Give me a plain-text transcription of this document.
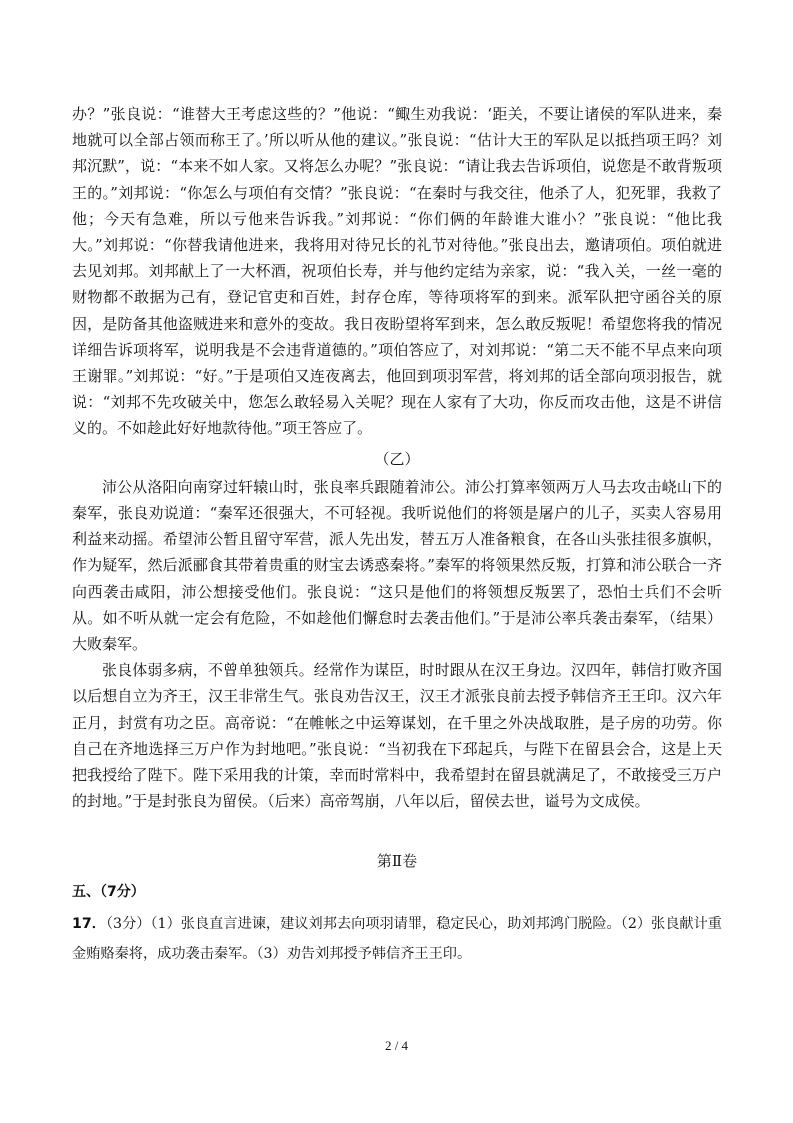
办？”张良说：“谁替大王考虑这些的？”他说：“鲰生劝我说：‘距关，不要让诸侯的军队进来，秦地就可以全部占领而称王了。’所以听从他的建议。”张良说：“估计大王的军队足以抵挡项王吗？刘邦沉默”，说：“本来不如人家。又将怎么办呢？”张良说：“请让我去告诉项伯，说您是不敢背叛项王的。”刘邦说：“你怎么与项伯有交情？”张良说：“在秦时与我交往，他杀了人，犯死罪，我救了他；今天有急难，所以亏他来告诉我。”刘邦说：“你们俩的年龄谁大谁小？”张良说：“他比我大。”刘邦说：“你替我请他进来，我将用对待兄长的礼节对待他。”张良出去，邀请项伯。项伯就进去见刘邦。刘邦献上了一大杯酒，祝项伯长寿，并与他约定结为亲家，说：“我入关，一丝一毫的财物都不敢据为己有，登记官吏和百姓，封存仓库，等待项将军的到来。派军队把守函谷关的原因，是防备其他盗贼进来和意外的变故。我日夜盼望将军到来，怎么敢反叛呢！希望您将我的情况详细告诉项将军，说明我是不会违背道德的。”项伯答应了，对刘邦说：“第二天不能不早点来向项王谢罪。”刘邦说：“好。”于是项伯又连夜离去，他回到项羽军营，将刘邦的话全部向项羽报告，就说：“刘邦不先攻破关中，您怎么敢轻易入关呢？现在人家有了大功，你反而攻击他，这是不讲信义的。不如趁此好好地款待他。”项王答应了。

（乙）

沛公从洛阳向南穿过轩辕山时，张良率兵跟随着沛公。沛公打算率领两万人马去攻击峣山下的秦军，张良劝说道：“秦军还很强大，不可轻视。我听说他们的将领是屠户的儿子，买卖人容易用利益来动摇。希望沛公暂且留守军营，派人先出发，替五万人准备粮食，在各山头张挂很多旗帜，作为疑军，然后派郦食其带着贵重的财宝去诱惑秦将。”秦军的将领果然反叛，打算和沛公联合一齐向西袭击咸阳，沛公想接受他们。张良说：“这只是他们的将领想反叛罢了，恐怕士兵们不会听从。如不听从就一定会有危险，不如趁他们懈怠时去袭击他们。”于是沛公率兵袭击秦军，（结果）大败秦军。

张良体弱多病，不曾单独领兵。经常作为谋臣，时时跟从在汉王身边。汉四年，韩信打败齐国以后想自立为齐王，汉王非常生气。张良劝告汉王，汉王才派张良前去授予韩信齐王王印。汉六年正月，封赏有功之臣。高帝说：“在帷帐之中运筹谋划，在千里之外决战取胜，是子房的功劳。你自己在齐地选择三万户作为封地吧。”张良说：“当初我在下邳起兵，与陛下在留县会合，这是上天把我授给了陛下。陛下采用我的计策，幸而时常料中，我希望封在留县就满足了，不敢接受三万户的封地。”于是封张良为留侯。（后来）高帝驾崩，八年以后，留侯去世，谥号为文成侯。

第Ⅱ卷

五、（7分）

17．（3分）（1）张良直言进谏，建议刘邦去向项羽请罪，稳定民心，助刘邦鸿门脱险。（2）张良献计重金贿赂秦将，成功袭击秦军。（3）劝告刘邦授予韩信齐王王印。

2 / 4
